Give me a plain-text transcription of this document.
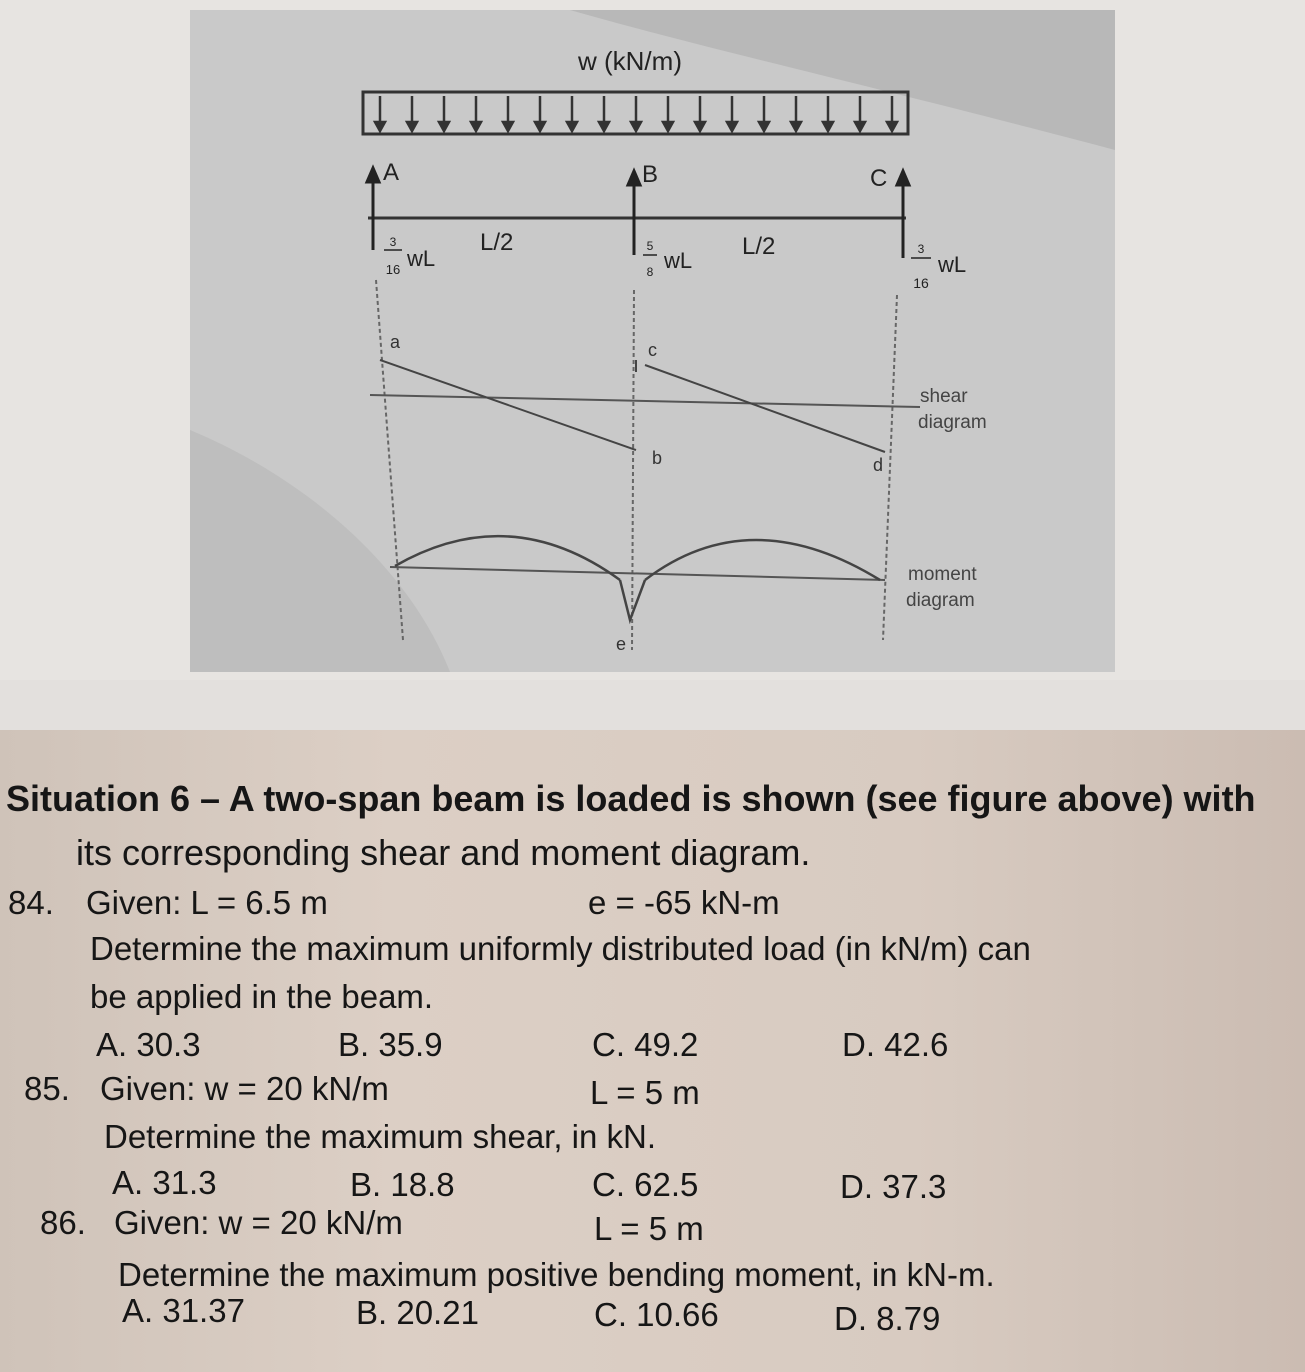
w (kN/m)
A	B	C
L/2	L/2
3
16 wL	5
8 wL	3
16
wL
a
b
c
d
shear
diagram
e
moment
diagram
Situation 6 – A two-span beam is loaded is shown (see figure above) with
its corresponding shear and moment diagram.
84. Given: L = 6.5 m	e = -65 kN-m
Determine the maximum uniformly distributed load (in kN/m) can
be applied in the beam.
A. 30.3	B. 35.9	C. 49.2	D. 42.6
85. Given: w = 20 kN/m	L = 5 m
Determine the maximum shear, in kN.
A. 31.3	B. 18.8	C. 62.5	D. 37.3
86. Given: w = 20 kN/m	L = 5 m
Determine the maximum positive bending moment, in kN-m.
A. 31.37	B. 20.21	C. 10.66	D. 8.79
